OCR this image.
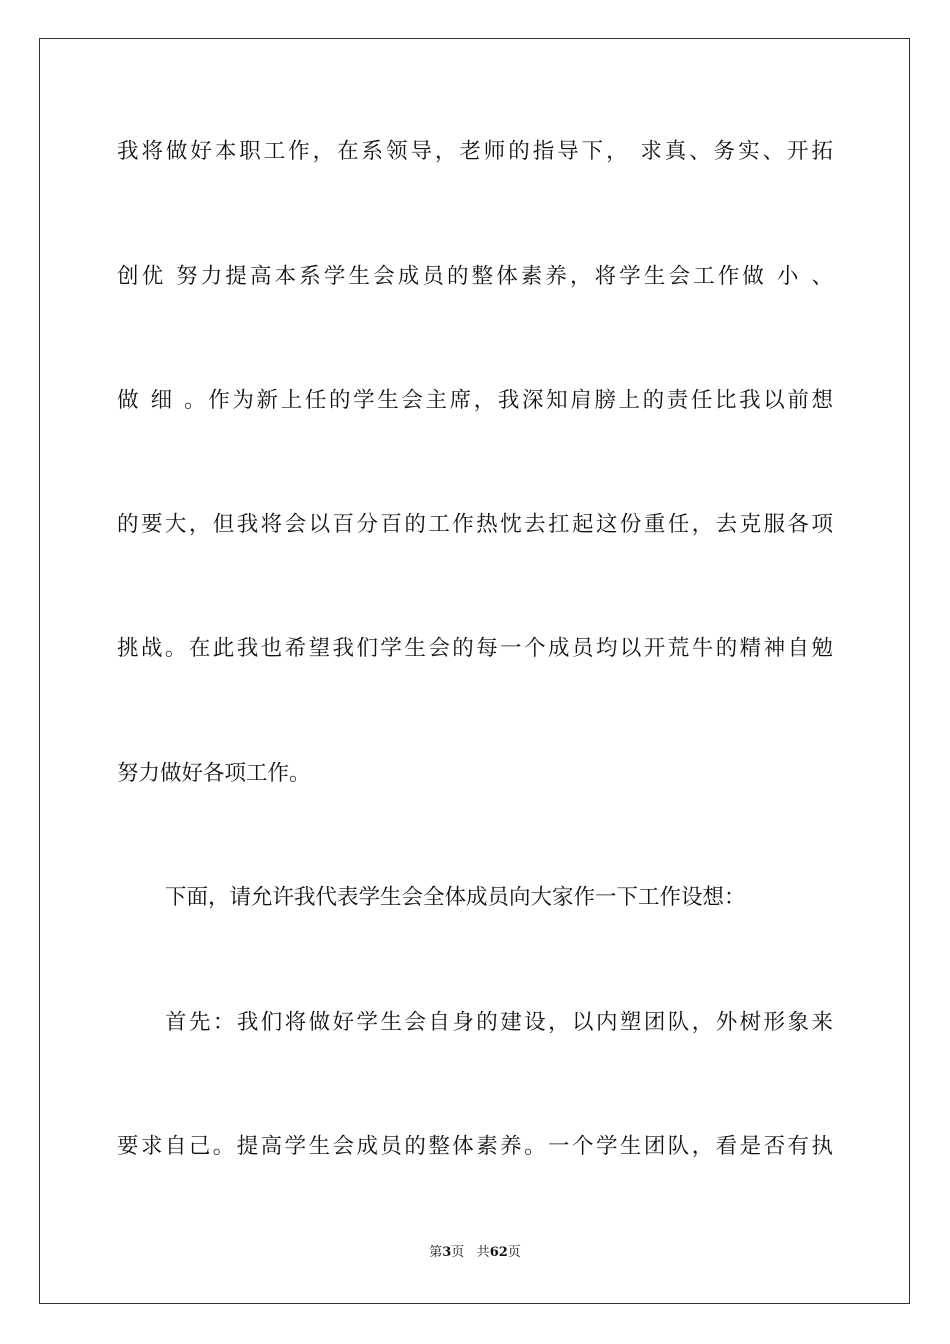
我将做好本职工作，在系领导，老师的指导下， 求真、务实、开拓
创优 努力提高本系学生会成员的整体素养，将学生会工作做 小 、
做 细 。作为新上任的学生会主席，我深知肩膀上的责任比我以前想
的要大，但我将会以百分百的工作热忱去扛起这份重任，去克服各项
挑战。在此我也希望我们学生会的每一个成员均以开荒牛的精神自勉
努力做好各项工作。
下面，请允许我代表学生会全体成员向大家作一下工作设想：
首先：我们将做好学生会自身的建设，以内塑团队，外树形象来
要求自己。提高学生会成员的整体素养。一个学生团队，看是否有执
第3页 共62页
